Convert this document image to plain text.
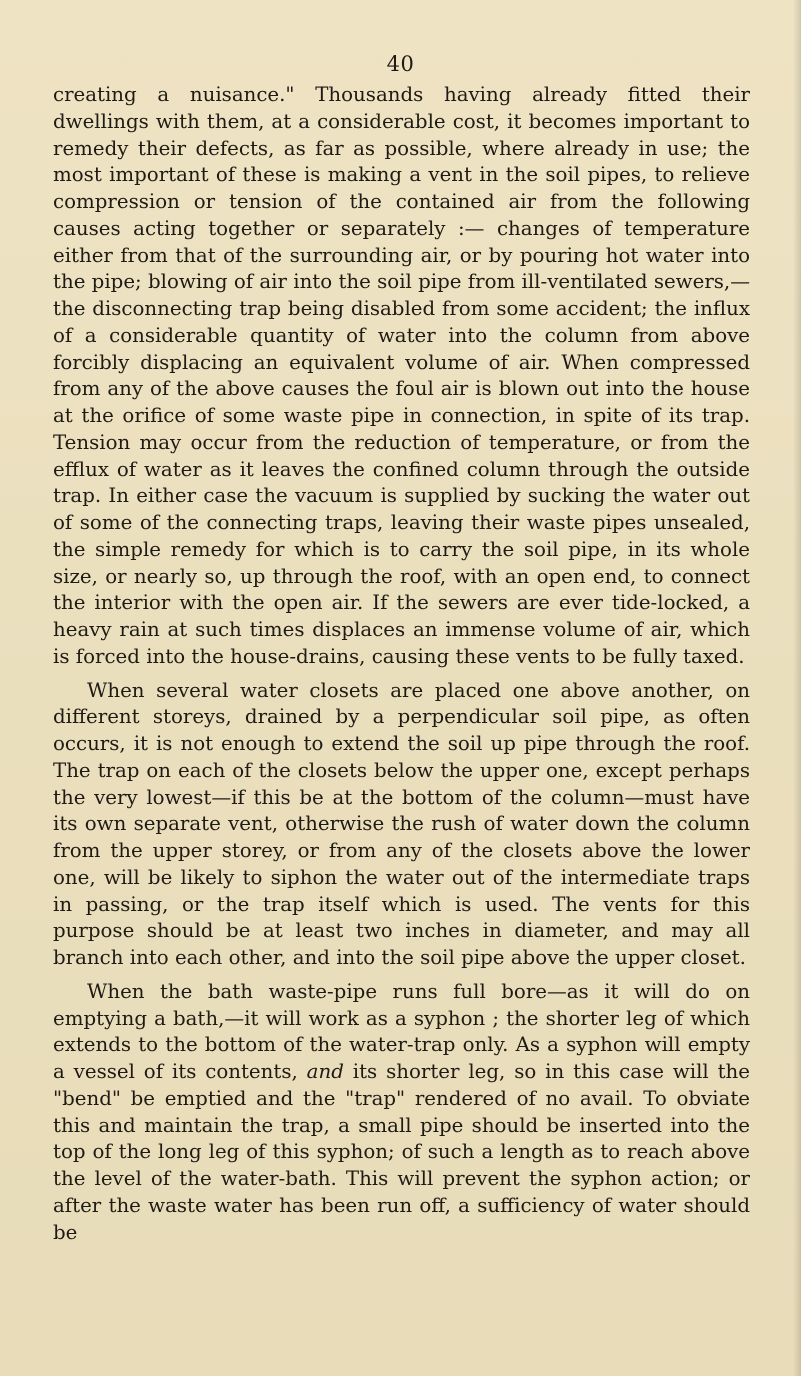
40

creating a nuisance." Thousands having already fitted their dwellings with them, at a considerable cost, it becomes important to remedy their defects, as far as possible, where already in use; the most important of these is making a vent in the soil pipes, to relieve compression or tension of the contained air from the following causes acting together or separately :— changes of temperature either from that of the surrounding air, or by pouring hot water into the pipe; blowing of air into the soil pipe from ill-ventilated sewers,—the disconnecting trap being disabled from some accident; the influx of a considerable quantity of water into the column from above forcibly displacing an equivalent volume of air. When compressed from any of the above causes the foul air is blown out into the house at the orifice of some waste pipe in connection, in spite of its trap. Tension may occur from the reduction of temperature, or from the efflux of water as it leaves the confined column through the outside trap. In either case the vacuum is supplied by sucking the water out of some of the connecting traps, leaving their waste pipes unsealed, the simple remedy for which is to carry the soil pipe, in its whole size, or nearly so, up through the roof, with an open end, to connect the interior with the open air. If the sewers are ever tide-locked, a heavy rain at such times displaces an immense volume of air, which is forced into the house-drains, causing these vents to be fully taxed.

When several water closets are placed one above another, on different storeys, drained by a perpendicular soil pipe, as often occurs, it is not enough to extend the soil up pipe through the roof. The trap on each of the closets below the upper one, except perhaps the very lowest—if this be at the bottom of the column—must have its own separate vent, otherwise the rush of water down the column from the upper storey, or from any of the closets above the lower one, will be likely to siphon the water out of the intermediate traps in passing, or the trap itself which is used. The vents for this purpose should be at least two inches in diameter, and may all branch into each other, and into the soil pipe above the upper closet.

When the bath waste-pipe runs full bore—as it will do on emptying a bath,—it will work as a syphon ; the shorter leg of which extends to the bottom of the water-trap only. As a syphon will empty a vessel of its contents, and its shorter leg, so in this case will the "bend" be emptied and the "trap" rendered of no avail. To obviate this and maintain the trap, a small pipe should be inserted into the top of the long leg of this syphon; of such a length as to reach above the level of the water-bath. This will prevent the syphon action; or after the waste water has been run off, a sufficiency of water should be
